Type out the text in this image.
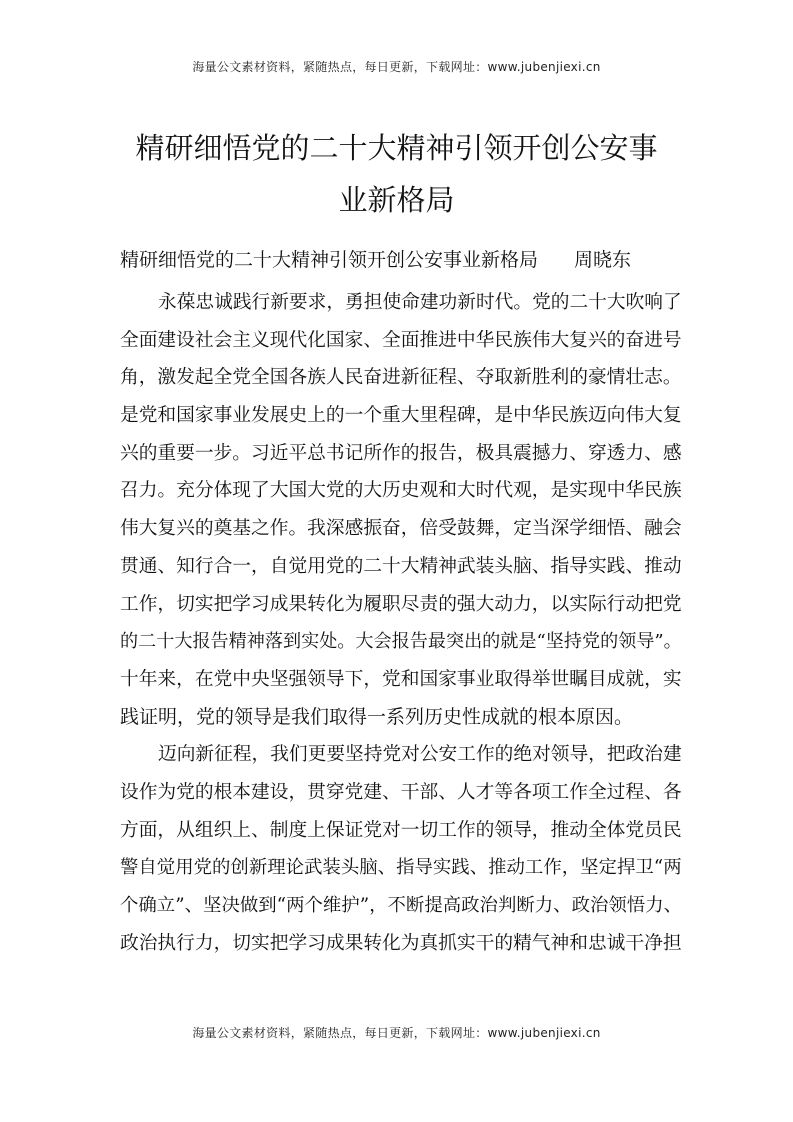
海量公文素材资料，紧随热点，每日更新，下载网址：www.jubenjiexi.cn
精研细悟党的二十大精神引领开创公安事
业新格局
精研细悟党的二十大精神引领开创公安事业新格局 周晓东
永葆忠诚践行新要求，勇担使命建功新时代。党的二十大吹响了
全面建设社会主义现代化国家、全面推进中华民族伟大复兴的奋进号
角，激发起全党全国各族人民奋进新征程、夺取新胜利的豪情壮志。
是党和国家事业发展史上的一个重大里程碑，是中华民族迈向伟大复
兴的重要一步。习近平总书记所作的报告，极具震撼力、穿透力、感
召力。充分体现了大国大党的大历史观和大时代观，是实现中华民族
伟大复兴的奠基之作。我深感振奋，倍受鼓舞，定当深学细悟、融会
贯通、知行合一，自觉用党的二十大精神武装头脑、指导实践、推动
工作，切实把学习成果转化为履职尽责的强大动力，以实际行动把党
的二十大报告精神落到实处。大会报告最突出的就是“坚持党的领导”。
十年来，在党中央坚强领导下，党和国家事业取得举世瞩目成就，实
践证明，党的领导是我们取得一系列历史性成就的根本原因。
迈向新征程，我们更要坚持党对公安工作的绝对领导，把政治建
设作为党的根本建设，贯穿党建、干部、人才等各项工作全过程、各
方面，从组织上、制度上保证党对一切工作的领导，推动全体党员民
警自觉用党的创新理论武装头脑、指导实践、推动工作，坚定捍卫“两
个确立”、坚决做到“两个维护”，不断提高政治判断力、政治领悟力、
政治执行力，切实把学习成果转化为真抓实干的精气神和忠诚干净担
海量公文素材资料，紧随热点，每日更新，下载网址：www.jubenjiexi.cn
